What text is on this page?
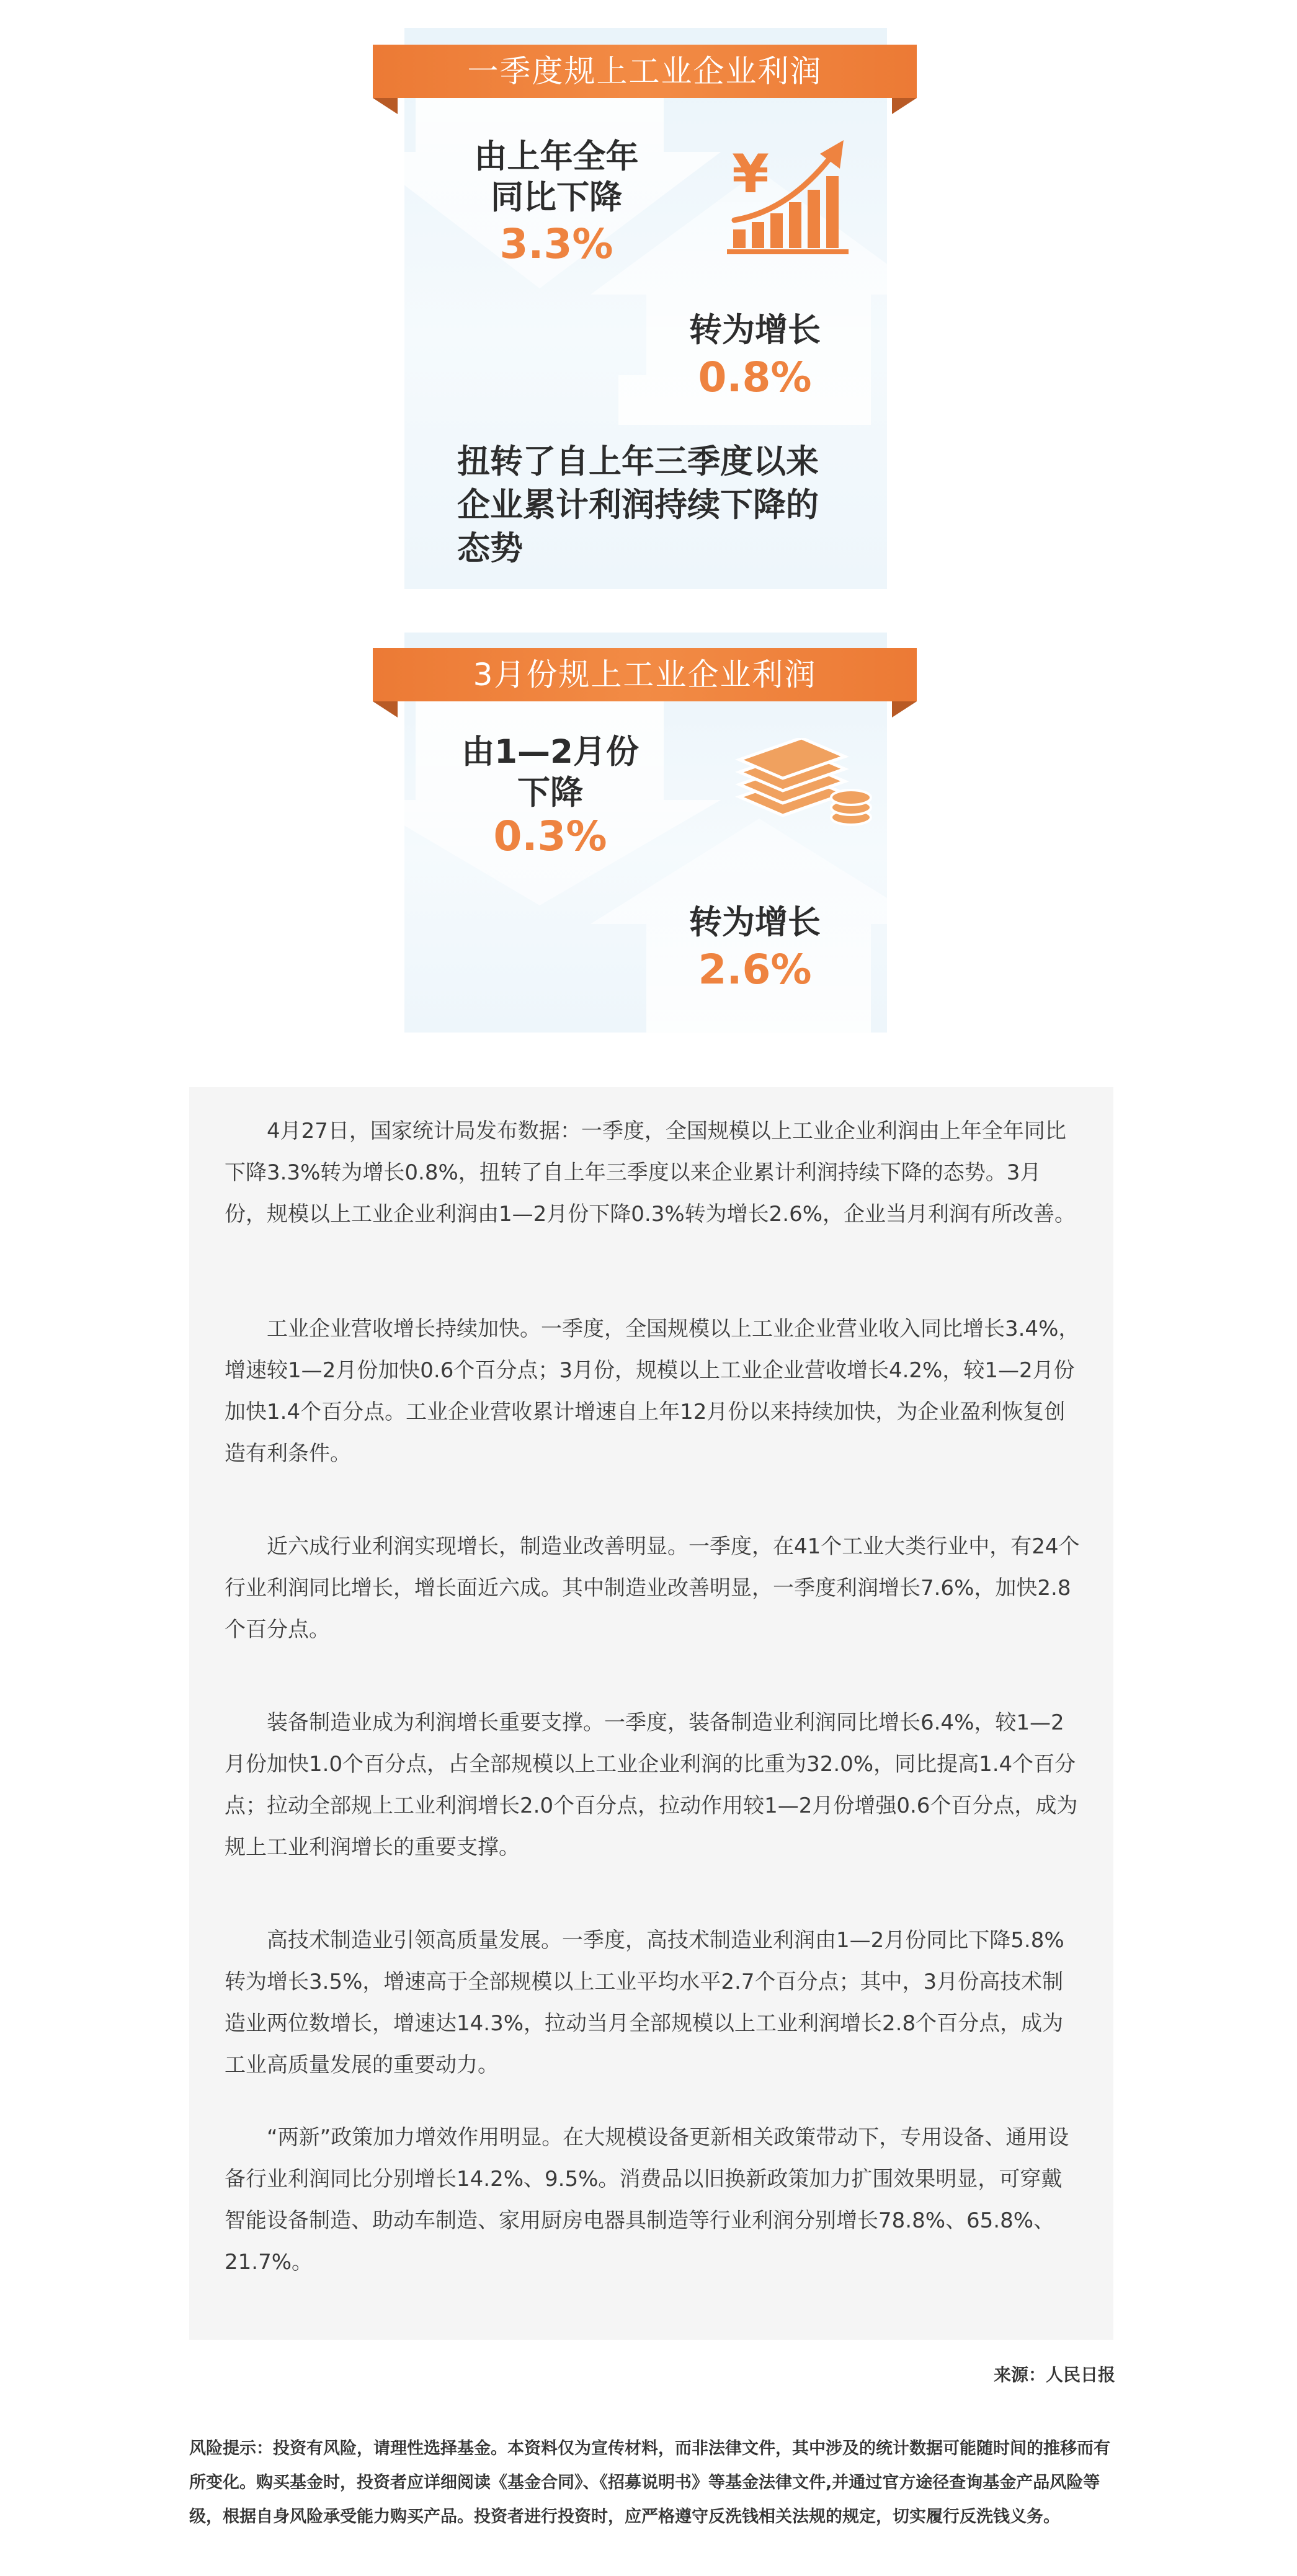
由上年全年
同比下降
3.3%
转为增长
0.8%
扭转了自上年三季度以来
企业累计利润持续下降的
态势
¥
一季度规上工业企业利润
由1—2月份
下降
0.3%
转为增长
2.6%
3月份规上工业企业利润

4月27日，国家统计局发布数据：一季度，全国规模以上工业企业利润由上年全年同比下降3.3%转为增长0.8%，扭转了自上年三季度以来企业累计利润持续下降的态势。3月份，规模以上工业企业利润由1—2月份下降0.3%转为增长2.6%，企业当月利润有所改善。

工业企业营收增长持续加快。一季度，全国规模以上工业企业营业收入同比增长3.4%，增速较1—2月份加快0.6个百分点；3月份，规模以上工业企业营收增长4.2%，较1—2月份加快1.4个百分点。工业企业营收累计增速自上年12月份以来持续加快，为企业盈利恢复创造有利条件。

近六成行业利润实现增长，制造业改善明显。一季度，在41个工业大类行业中，有24个行业利润同比增长，增长面近六成。其中制造业改善明显，一季度利润增长7.6%，加快2.8个百分点。

装备制造业成为利润增长重要支撑。一季度，装备制造业利润同比增长6.4%，较1—2月份加快1.0个百分点，占全部规模以上工业企业利润的比重为32.0%，同比提高1.4个百分点；拉动全部规上工业利润增长2.0个百分点，拉动作用较1—2月份增强0.6个百分点，成为规上工业利润增长的重要支撑。

高技术制造业引领高质量发展。一季度，高技术制造业利润由1—2月份同比下降5.8%转为增长3.5%，增速高于全部规模以上工业平均水平2.7个百分点；其中，3月份高技术制造业两位数增长，增速达14.3%，拉动当月全部规模以上工业利润增长2.8个百分点，成为工业高质量发展的重要动力。

“两新”政策加力增效作用明显。在大规模设备更新相关政策带动下，专用设备、通用设备行业利润同比分别增长14.2%、9.5%。消费品以旧换新政策加力扩围效果明显，可穿戴智能设备制造、助动车制造、家用厨房电器具制造等行业利润分别增长78.8%、65.8%、21.7%。

来源：人民日报

风险提示：投资有风险，请理性选择基金。本资料仅为宣传材料，而非法律文件，其中涉及的统计数据可能随时间的推移而有所变化。购买基金时，投资者应详细阅读《基金合同》、《招募说明书》等基金法律文件,并通过官方途径查询基金产品风险等级，根据自身风险承受能力购买产品。投资者进行投资时，应严格遵守反洗钱相关法规的规定，切实履行反洗钱义务。
